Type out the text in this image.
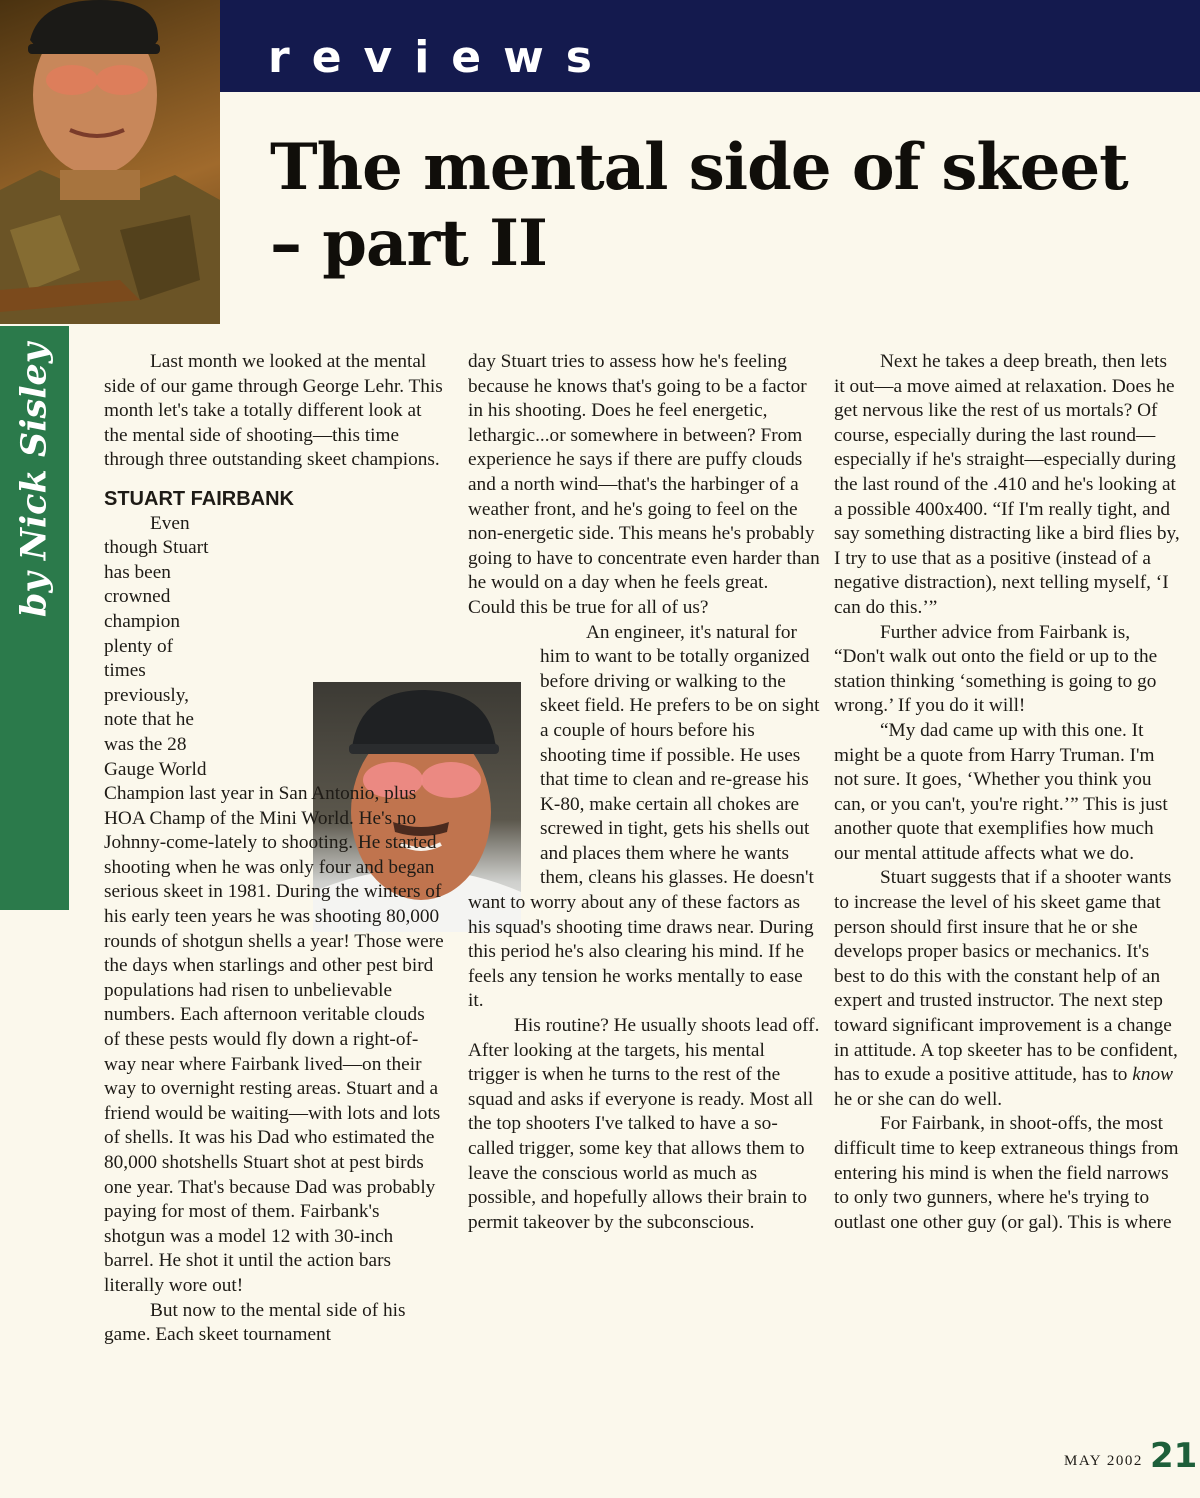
reviews
The mental side of skeet – part II

by Nick Sisley	Last month we looked at the mental side of our game through George Lehr. This month let's take a totally different look at the mental side of shooting—this time through three outstanding skeet champions.

STUART FAIRBANK

Even though Stuart has been crowned champion plenty of times previously, note that he was the 28 Gauge World Champion last year in San Antonio, plus HOA Champ of the Mini World. He's no Johnny-come-lately to shooting. He started shooting when he was only four and began serious skeet in 1981. During the winters of his early teen years he was shooting 80,000 rounds of shotgun shells a year! Those were the days when starlings and other pest bird populations had risen to unbelievable numbers. Each afternoon veritable clouds of these pests would fly down a right-of-way near where Fairbank lived—on their way to overnight resting areas. Stuart and a friend would be waiting—with lots and lots of shells. It was his Dad who estimated the 80,000 shotshells Stuart shot at pest birds one year. That's because Dad was probably paying for most of them. Fairbank's shotgun was a model 12 with 30-inch barrel. He shot it until the action bars literally wore out!

But now to the mental side of his game. Each skeet tournament

day Stuart tries to assess how he's feeling because he knows that's going to be a factor in his shooting. Does he feel energetic, lethargic...or somewhere in between? From experience he says if there are puffy clouds and a north wind—that's the harbinger of a weather front, and he's going to feel on the non-energetic side. This means he's probably going to have to concentrate even harder than he would on a day when he feels great. Could this be true for all of us?

An engineer, it's natural for him to want to be totally organized before driving or walking to the skeet field. He prefers to be on sight a couple of hours before his shooting time if possible. He uses that time to clean and re-grease his K-80, make certain all chokes are screwed in tight, gets his shells out and places them where he wants them, cleans his glasses. He doesn't want to worry about any of these factors as his squad's shooting time draws near. During this period he's also clearing his mind. If he feels any tension he works mentally to ease it.

His routine? He usually shoots lead off. After looking at the targets, his mental trigger is when he turns to the rest of the squad and asks if everyone is ready. Most all the top shooters I've talked to have a so-called trigger, some key that allows them to leave the conscious world as much as possible, and hopefully allows their brain to permit takeover by the subconscious.

Next he takes a deep breath, then lets it out—a move aimed at relaxation. Does he get nervous like the rest of us mortals? Of course, especially during the last round—especially if he's straight—especially during the last round of the .410 and he's looking at a possible 400x400. “If I'm really tight, and say something distracting like a bird flies by, I try to use that as a positive (instead of a negative distraction), next telling myself, ‘I can do this.’”

Further advice from Fairbank is, “Don't walk out onto the field or up to the station thinking ‘something is going to go wrong.’ If you do it will!

“My dad came up with this one. It might be a quote from Harry Truman. I'm not sure. It goes, ‘Whether you think you can, or you can't, you're right.’” This is just another quote that exemplifies how much our mental attitude affects what we do.

Stuart suggests that if a shooter wants to increase the level of his skeet game that person should first insure that he or she develops proper basics or mechanics. It's best to do this with the constant help of an expert and trusted instructor. The next step toward significant improvement is a change in attitude. A top skeeter has to be confident, has to exude a positive attitude, has to know he or she can do well.

For Fairbank, in shoot-offs, the most difficult time to keep extraneous things from entering his mind is when the field narrows to only two gunners, where he's trying to outlast one other guy (or gal). This is where

MAY 2002 21
